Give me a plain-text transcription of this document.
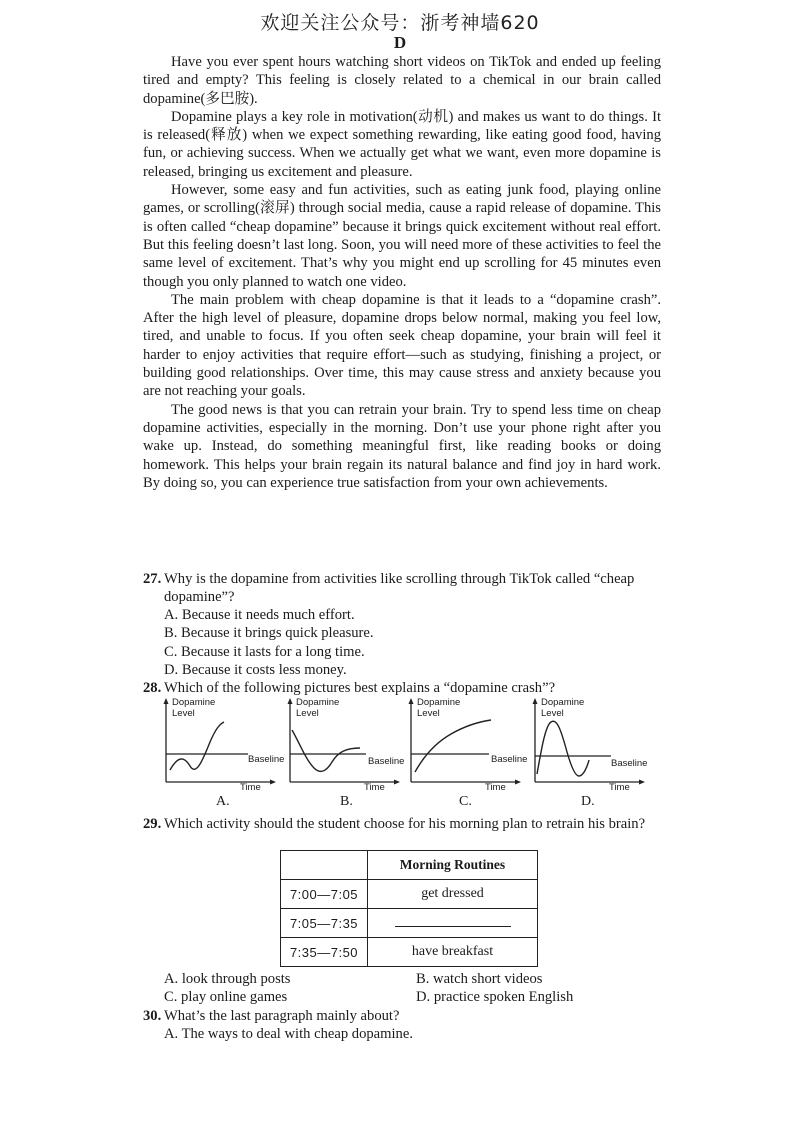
欢迎关注公众号：浙考神墙620
D

Have you ever spent hours watching short videos on TikTok and ended up feeling tired and empty? This feeling is closely related to a chemical in our brain called dopamine(多巴胺).

Dopamine plays a key role in motivation(动机) and makes us want to do things. It is released(释放) when we expect something rewarding, like eating good food, having fun, or achieving success. When we actually get what we want, even more dopamine is released, bringing us excitement and pleasure.

However, some easy and fun activities, such as eating junk food, playing online games, or scrolling(滚屏) through social media, cause a rapid release of dopamine. This is often called “cheap dopamine” because it brings quick excitement without real effort. But this feeling doesn’t last long. Soon, you will need more of these activities to feel the same level of excitement. That’s why you might end up scrolling for 45 minutes even though you only planned to watch one video.

The main problem with cheap dopamine is that it leads to a “dopamine crash”. After the high level of pleasure, dopamine drops below normal, making you feel low, tired, and unable to focus. If you often seek cheap dopamine, your brain will feel it harder to enjoy activities that require effort—such as studying, finishing a project, or building good relationships. Over time, this may cause stress and anxiety because you are not reaching your goals.

The good news is that you can retrain your brain. Try to spend less time on cheap dopamine activities, especially in the morning. Don’t use your phone right after you wake up. Instead, do something meaningful first, like reading books or doing homework. This helps your brain regain its natural balance and find joy in hard work. By doing so, you can experience true satisfaction from your own achievements.

27. Why is the dopamine from activities like scrolling through TikTok called “cheap dopamine”?

A. Because it needs much effort.

B. Because it brings quick pleasure.

C. Because it lasts for a long time.

D. Because it costs less money.

28. Which of the following pictures best explains a “dopamine crash”?

Dopamine
Level
Baseline
Time
A.
Dopamine
Level
Baseline
Time
B.
Dopamine
Level
Baseline
Time
C.
Dopamine
Level
Baseline
Time
D.

29. Which activity should the student choose for his morning plan to retrain his brain?

	Morning Routines
7:00—7:05	get dressed
7:05—7:35	
7:35—7:50	have breakfast
A. look through posts	B. watch short videos
C. play online games	D. practice spoken English

30. What’s the last paragraph mainly about?

A. The ways to deal with cheap dopamine.
